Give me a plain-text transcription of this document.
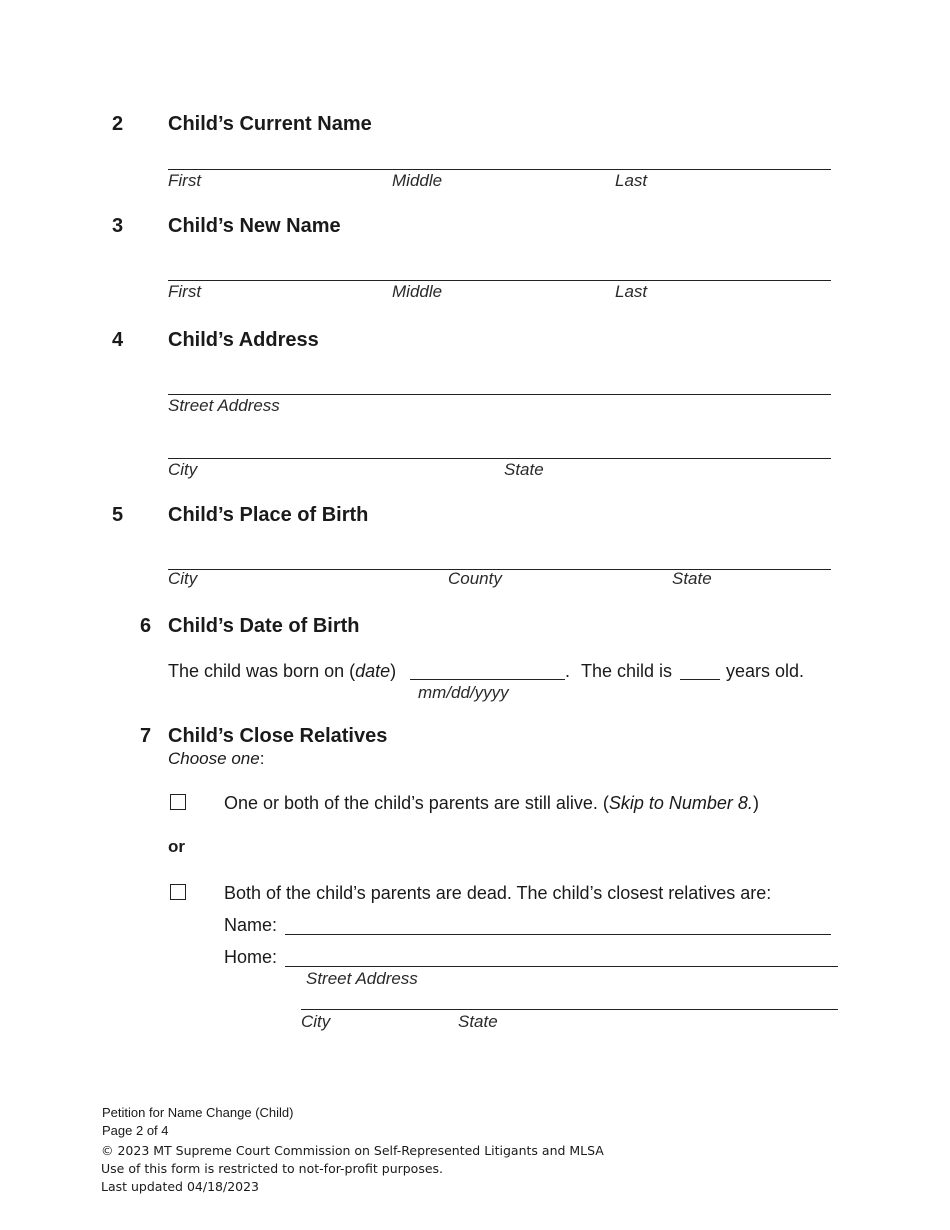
2 Child’s Current Name
First	Middle	Last
3 Child’s New Name
First	Middle	Last
4 Child’s Address
Street Address
City	State
5 Child’s Place of Birth
City	County	State
6 Child’s Date of Birth
The child was born on (date)	. The child is	years old.
mm/dd/yyyy
7 Child’s Close Relatives
Choose one:
One or both of the child’s parents are still alive. (Skip to Number 8.)
or
Both of the child’s parents are dead. The child’s closest relatives are:
Name:
Home:
Street Address
City	State
Petition for Name Change (Child)
Page 2 of 4
© 2023 MT Supreme Court Commission on Self-Represented Litigants and MLSA
Use of this form is restricted to not-for-profit purposes.
Last updated 04/18/2023
